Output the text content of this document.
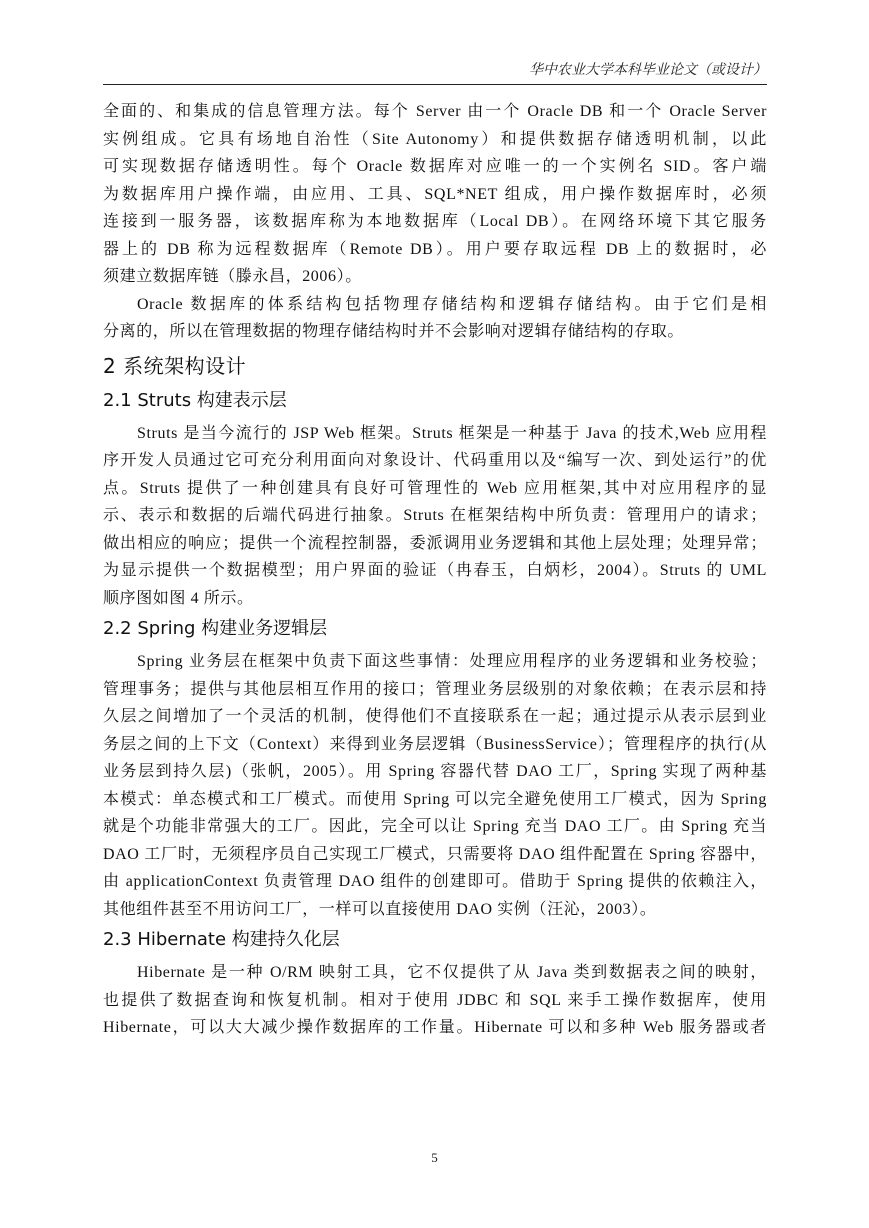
华中农业大学本科毕业论文（或设计）

全面的、和集成的信息管理方法。每个 Server 由一个 Oracle DB 和一个 Oracle Server
实例组成。它具有场地自治性（Site Autonomy）和提供数据存储透明机制，以此
可实现数据存储透明性。每个 Oracle 数据库对应唯一的一个实例名 SID。客户端
为数据库用户操作端，由应用、工具、SQL*NET 组成，用户操作数据库时，必须
连接到一服务器，该数据库称为本地数据库（Local DB）。在网络环境下其它服务
器上的 DB 称为远程数据库（Remote DB）。用户要存取远程 DB 上的数据时，必
须建立数据库链（滕永昌，2006）。

Oracle 数据库的体系结构包括物理存储结构和逻辑存储结构。由于它们是相
分离的，所以在管理数据的物理存储结构时并不会影响对逻辑存储结构的存取。

2 系统架构设计
2.1 Struts 构建表示层

Struts 是当今流行的 JSP Web 框架。Struts 框架是一种基于 Java 的技术,Web 应用程
序开发人员通过它可充分利用面向对象设计、代码重用以及“编写一次、到处运行”的优
点。Struts 提供了一种创建具有良好可管理性的 Web 应用框架,其中对应用程序的显
示、表示和数据的后端代码进行抽象。Struts 在框架结构中所负责：管理用户的请求；
做出相应的响应；提供一个流程控制器，委派调用业务逻辑和其他上层处理；处理异常；
为显示提供一个数据模型；用户界面的验证（冉春玉，白炳杉，2004）。Struts 的 UML
顺序图如图 4 所示。

2.2 Spring 构建业务逻辑层

Spring 业务层在框架中负责下面这些事情：处理应用程序的业务逻辑和业务校验；
管理事务；提供与其他层相互作用的接口；管理业务层级别的对象依赖；在表示层和持
久层之间增加了一个灵活的机制，使得他们不直接联系在一起；通过提示从表示层到业
务层之间的上下文（Context）来得到业务层逻辑（BusinessService）；管理程序的执行(从
业务层到持久层)（张帆，2005）。用 Spring 容器代替 DAO 工厂，Spring 实现了两种基
本模式：单态模式和工厂模式。而使用 Spring 可以完全避免使用工厂模式，因为 Spring
就是个功能非常强大的工厂。因此，完全可以让 Spring 充当 DAO 工厂。由 Spring 充当
DAO 工厂时，无须程序员自己实现工厂模式，只需要将 DAO 组件配置在 Spring 容器中，
由 applicationContext 负责管理 DAO 组件的创建即可。借助于 Spring 提供的依赖注入，
其他组件甚至不用访问工厂，一样可以直接使用 DAO 实例（汪沁，2003）。

2.3 Hibernate 构建持久化层

Hibernate 是一种 O/RM 映射工具，它不仅提供了从 Java 类到数据表之间的映射，
也提供了数据查询和恢复机制。相对于使用 JDBC 和 SQL 来手工操作数据库，使用
Hibernate，可以大大减少操作数据库的工作量。Hibernate 可以和多种 Web 服务器或者

5
